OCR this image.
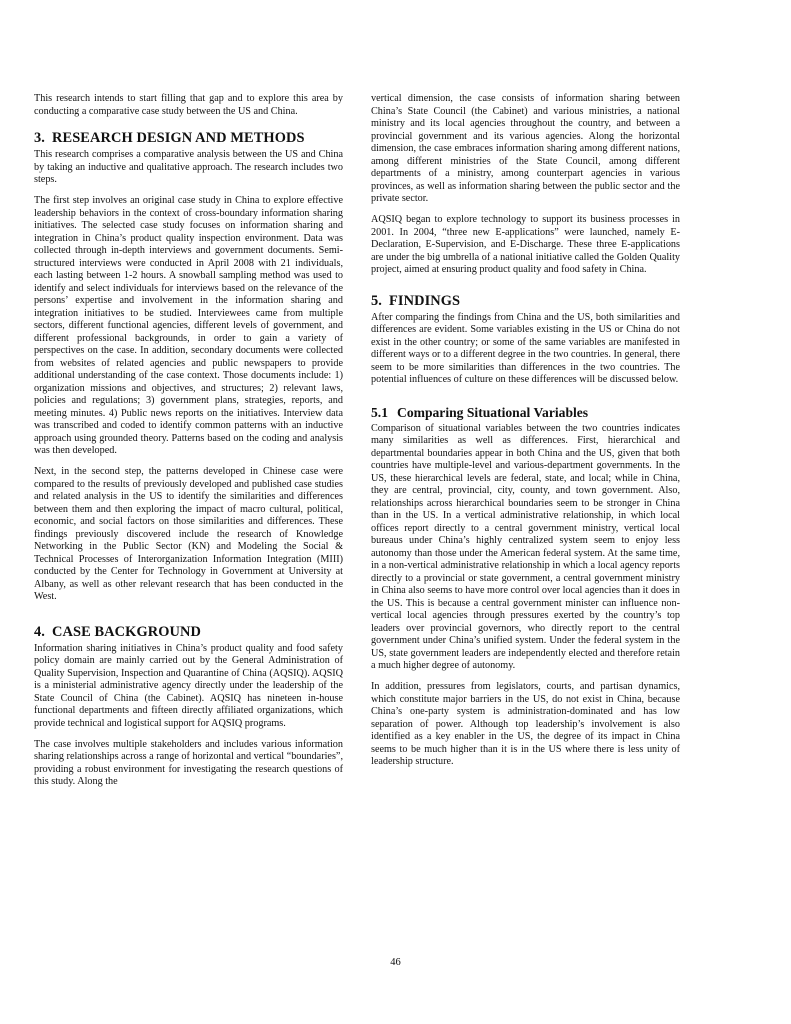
This research intends to start filling that gap and to explore this area by conducting a comparative case study between the US and China.

3. RESEARCH DESIGN AND METHODS

This research comprises a comparative analysis between the US and China by taking an inductive and qualitative approach. The research includes two steps.

The first step involves an original case study in China to explore effective leadership behaviors in the context of cross-boundary information sharing initiatives. The selected case study focuses on information sharing and integration in China’s product quality inspection environment. Data was collected through in-depth interviews and government documents. Semi-structured interviews were conducted in April 2008 with 21 individuals, each lasting between 1-2 hours. A snowball sampling method was used to identify and select individuals for interviews based on the relevance of the persons’ expertise and involvement in the information sharing and integration initiatives to be studied. Interviewees came from multiple sectors, different functional agencies, different levels of government, and different professional backgrounds, in order to gain a variety of perspectives on the case. In addition, secondary documents were collected from websites of related agencies and public newspapers to provide additional understanding of the case context. Those documents include: 1) organization missions and objectives, and structures; 2) relevant laws, policies and regulations; 3) government plans, strategies, reports, and meeting minutes. 4) Public news reports on the initiatives. Interview data was transcribed and coded to identify common patterns with an inductive approach using grounded theory. Patterns based on the coding and analysis was then developed.

Next, in the second step, the patterns developed in Chinese case were compared to the results of previously developed and published case studies and related analysis in the US to identify the similarities and differences between them and then exploring the impact of macro cultural, political, economic, and social factors on those similarities and differences. These findings previously discovered include the research of Knowledge Networking in the Public Sector (KN) and Modeling the Social & Technical Processes of Interorganization Information Integration (MIII) conducted by the Center for Technology in Government at University at Albany, as well as other relevant research that has been conducted in the West.

4. CASE BACKGROUND

Information sharing initiatives in China’s product quality and food safety policy domain are mainly carried out by the General Administration of Quality Supervision, Inspection and Quarantine of China (AQSIQ). AQSIQ is a ministerial administrative agency directly under the leadership of the State Council of China (the Cabinet). AQSIQ has nineteen in-house functional departments and fifteen directly affiliated organizations, which provide technical and logistical support for AQSIQ programs.

The case involves multiple stakeholders and includes various information sharing relationships across a range of horizontal and vertical “boundaries”, providing a robust environment for investigating the research questions of this study. Along the

vertical dimension, the case consists of information sharing between China’s State Council (the Cabinet) and various ministries, a national ministry and its local agencies throughout the country, and between a provincial government and its various agencies. Along the horizontal dimension, the case embraces information sharing among different nations, among different ministries of the State Council, among different departments of a ministry, among counterpart agencies in various provinces, as well as information sharing between the public sector and the private sector.

AQSIQ began to explore technology to support its business processes in 2001. In 2004, “three new E-applications” were launched, namely E-Declaration, E-Supervision, and E-Discharge. These three E-applications are under the big umbrella of a national initiative called the Golden Quality project, aimed at ensuring product quality and food safety in China.

5. FINDINGS

After comparing the findings from China and the US, both similarities and differences are evident. Some variables existing in the US or China do not exist in the other country; or some of the same variables are manifested in different ways or to a different degree in the two countries. In general, there seem to be more similarities than differences in the two countries. The potential influences of culture on these differences will be discussed below.

5.1 Comparing Situational Variables

Comparison of situational variables between the two countries indicates many similarities as well as differences. First, hierarchical and departmental boundaries appear in both China and the US, given that both countries have multiple-level and various-department governments. In the US, these hierarchical levels are federal, state, and local; while in China, they are central, provincial, city, county, and town government. Also, relationships across hierarchical boundaries seem to be stronger in China than in the US. In a vertical administrative relationship, in which local offices report directly to a central government ministry, vertical local bureaus under China’s highly centralized system seem to enjoy less autonomy than those under the American federal system. At the same time, in a non-vertical administrative relationship in which a local agency reports directly to a provincial or state government, a central government ministry in China also seems to have more control over local agencies than it does in the US. This is because a central government minister can influence non-vertical local agencies through pressures exerted by the country’s top leaders over provincial governors, who directly report to the central government under China’s unified system. Under the federal system in the US, state government leaders are independently elected and therefore retain a much higher degree of autonomy.

In addition, pressures from legislators, courts, and partisan dynamics, which constitute major barriers in the US, do not exist in China, because China’s one-party system is administration-dominated and has low separation of power. Although top leadership’s involvement is also identified as a key enabler in the US, the degree of its impact in China seems to be much higher than it is in the US where there is less unity of leadership structure.

46
